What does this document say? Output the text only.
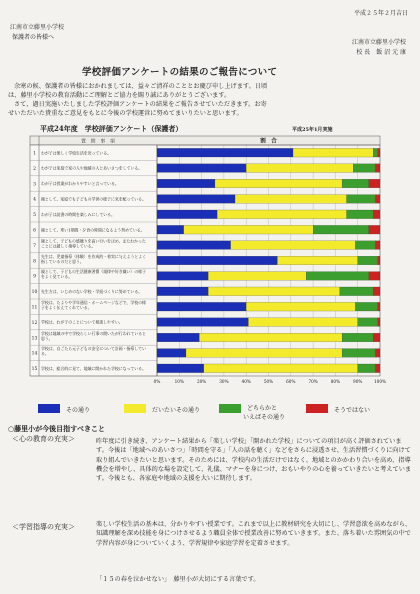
平成２５年２月吉日
江南市立藤里小学校
保護者の皆様へ
江南市立藤里小学校
校 長　飯 沼 元 康
学校評価アンケートの結果のご報告について
余寒の候、保護者の皆様におかれましては、益々ご清祥のこととお慶び申し上げます。日頃
は、藤里小学校の教育活動にご理解とご協力を賜り誠にありがとうございます。
さて、過日実施いたしました学校評価アンケートの結果をご報告させていただきます。お寄
せいただいた貴重なご意見をもとに今後の学校運営に努めてまいりたいと思います。
平成24年度　学校評価アンケート（保護者）	平成25年1月実施
質　問　事　項	割　合
1 わが子は楽しく学校生活を送っている。
2 わが子は家庭で家の人や地域の人とあいさつをしている。
3 わが子は授業がわかりやすいと言っている。
4 親として、家庭でも子どもの学習の様子に気を配っている。
5 わが子は読書の時間を楽しみにしている。
6 親として、寒い1期間・夕食の時間になるよう努めている。
7
親として、子どもの感嫌りを高い行いをほめ、またわかった
ことには厳しく指導している。
8
先生は、児童指導（体験）を作成的・着実に与えようとよく
指しているのだと思う。
9
親として、子どもの生活健康習慣（規律や好き嫌い）の様子
をよく見ている。
10 先生方は、いじめのない学校・学級づくりに努めている。
11
学校は、たよりや学年通信・ホームページなどで、学校の様
子をよく伝えてくれている。
12 学校は、わが子のことについて相談しやすい。
13
学校は地域の中で学校らしい行事の開いたが行われていると
思う。
14
学校は、自ごたら元子どもの安全について計画・指導してい
る。
15 学校は、総合的に見て、地域に開かれた学校になっている。
0%	10%	20%	30%	40%	50%	60%	70%	80%	90%	100%
その通り	だいたいその通り	どちらかと
いえばその通り
そうではない
○藤里小が今後目指すべきこと
＜心の教育の充実＞	昨年度に引き続き、アンケート結果から「楽しい学校」「開かれた学校」についての項目が高く評価されています。今後は「地域へのあいさつ」「時間を守る」「人の話を聴く」などをさらに浸透させ、生活習慣づくりに向けて取り組んでいきたいと思います。そのためには、学校内の生活だけではなく、地域とのかかわり合いを高め、指導機会を増やし、具体的な場を設定して、礼儀、マナーを身につけ、おもいやりの心を養っていきたいと考えています。今後とも、各家庭や地域の支援を大いに期待します。
＜学習指導の充実＞	楽しい学校生活の基本は、分かりやすい授業です。これまで以上に教材研究を大切にし、学習意欲を高めながら、知識理解を深め技能を身につけさせるよう職員全体で授業改善に努めていきます。また、落ち着いた雰囲気の中で学習内容が身についていくよう、学習規律や家庭学習を定着させます。
「１５の春を泣かせない」　藤里小が大切にする言葉です。
